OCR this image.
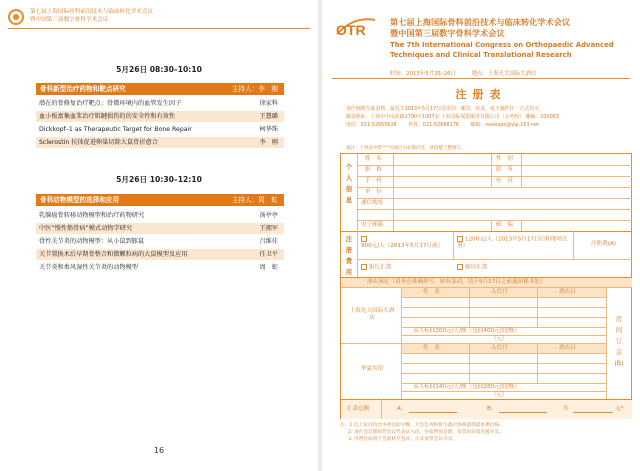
第七届上海国际骨科前沿技术与临床转化学术会议
暨中国第三届数字骨科学术会议
5月26日 08:30–10:10
骨科新型治疗药物和靶点研究	主持人：李　刚
潜在的骨修复治疗靶点：骨微环境内的血管发生因子	徐家科
血小板富集血浆治疗肌腱损伤的的安全性和有效性	王慧璐
Dickkopf–1 as Therapeutic Target for Bone Repair	柯华珠
Sclerostin 抗体促进卵巢切除大鼠骨折愈合	李　刚
5月26日 10:30–12:10
骨科动物模型的选择和应用	主持人：周　虹
乳腺癌骨转移动物模型和治疗药物研究	汤亭亭
中医“慢性筋骨病”模式动物学研究	王拥军
骨性关节炎的动物模型：从小鼠到豚鼠	吕维佳
关节置换术后早期骨整合和微颗粒病的大鼠模型及应用	任卫平
关节炎和类风湿性关节炎的动物模型	周　虹
16
OTR	第七届上海国际骨科前沿技术与临床转化学术会议
暨中国第三届数字骨科学术会议
The 7th International Congress on Orthopaedic Advanced
Techniques and Clinical Translational Research
时间：2013年5月25–26日	地点：上海光大国际大酒店
注册表
请仔细填写此表格，最迟于2013年5月17日前寄回：邮寄、传真、电子邮件任一方式均可。
邮寄地址：上海市中山北路2790号1007室 上海国际展览服务有限公司（会务组） 邮编：200063
电话：021-52665618 传真：021-52668178 邮箱：realexpo@vip.163.net
备注：下列表中带“*”号项目为必填内容，请清楚工整填写。
个人信息
姓　名	性　别
职　称	职　务
手　机	传　真
单　位
通信地址
电子邮箱	邮　编
注册费用
900元/人（2013年5月17日前）
1200元/人（2013年5月17日后和现场注册）	注册费(A)
银行汇款	邮局汇款
酒店预定（请务必准确填写，如有变动，请于5月17日之前通知秘书处）
姓　名	入住日	离店日
上海光大国际大酒店
双人标间200元/人/晚（包间400元/间/晚）
（元）
姓　名	入住日	离店日
华夏宾馆
双人标间140元/人/晚（包间280元/间/晚）
（元）
房间订金(B)
汇款总额	A:	B:	共	元*
注：1.以上价目均含中西自助早餐，大会会务组将与酒店协商提供最优惠价格。
2. 请在会议期间凭会议代表证入住，住宿费用自理，发票由宾馆直接开具。
3. 房费住宿请于会前转至会议，正式发票会议开具。
